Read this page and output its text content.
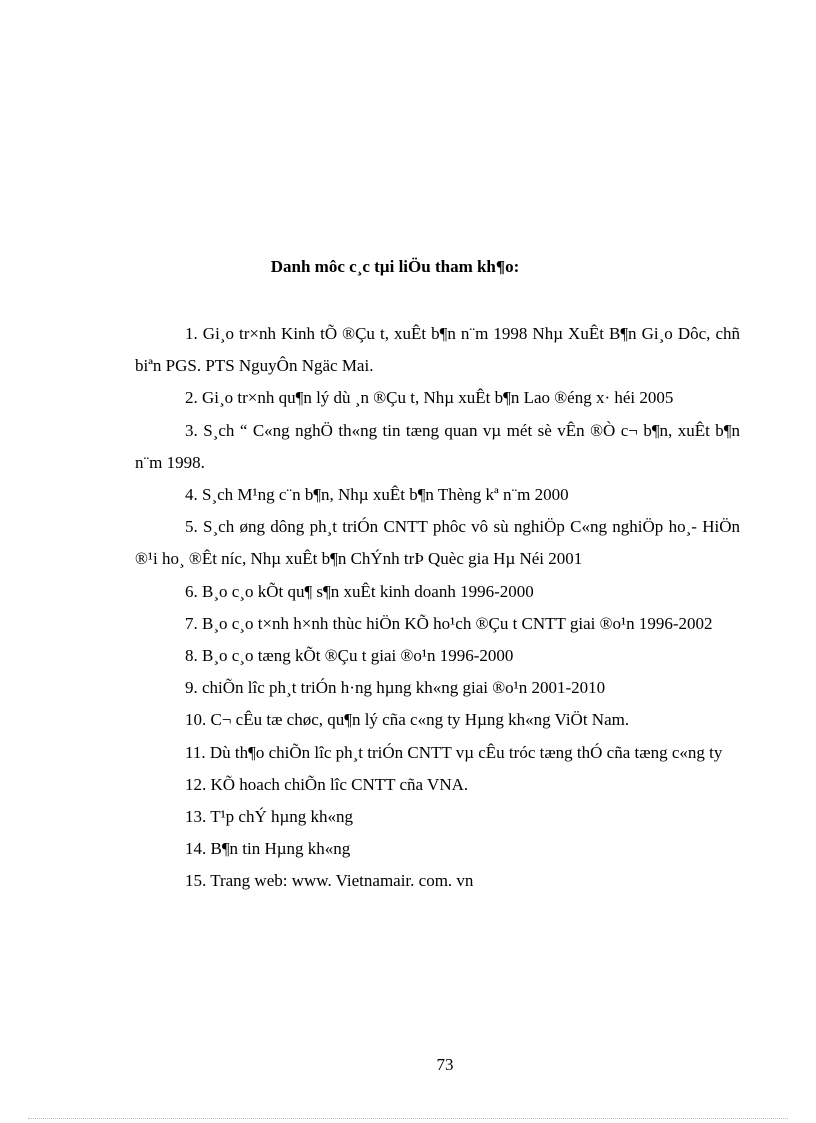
Danh môc c¸c tµi liÖu tham kh¶o:
1. Gi¸o tr×nh Kinh tÕ ®Çu t, xuÊt b¶n n¨m 1998 Nhµ XuÊt B¶n Gi¸o Dôc, chñ biªn PGS. PTS NguyÔn Ngäc Mai.
2. Gi¸o tr×nh qu¶n lý dù ¸n ®Çu t, Nhµ xuÊt b¶n Lao ®éng x· héi 2005
3. S¸ch “ C«ng nghÖ th«ng tin tæng quan vµ mét sè vÊn ®Ò c¬ b¶n, xuÊt b¶n n¨m 1998.
4. S¸ch M¹ng c¨n b¶n, Nhµ xuÊt b¶n Thèng kª n¨m 2000
5. S¸ch øng dông ph¸t triÓn CNTT phôc vô sù nghiÖp C«ng nghiÖp ho¸- HiÖn ®¹i ho¸ ®Êt níc, Nhµ xuÊt b¶n ChÝnh trÞ Quèc gia Hµ Néi 2001
6. B¸o c¸o kÕt qu¶ s¶n xuÊt kinh doanh 1996-2000
7. B¸o c¸o t×nh h×nh thùc hiÖn KÕ ho¹ch ®Çu t CNTT giai ®o¹n 1996-2002
8. B¸o c¸o tæng kÕt ®Çu t giai ®o¹n 1996-2000
9. chiÕn lîc ph¸t triÓn h·ng hµng kh«ng giai ®o¹n 2001-2010
10. C¬ cÊu tæ chøc, qu¶n lý cña c«ng ty Hµng kh«ng ViÖt Nam.
11. Dù th¶o chiÕn lîc ph¸t triÓn CNTT vµ cÊu tróc tæng thÓ cña tæng c«ng ty
12. KÕ hoach chiÕn lîc CNTT cña VNA.
13. T¹p chÝ hµng kh«ng
14. B¶n tin Hµng kh«ng
15. Trang web: www. Vietnamair. com. vn
73
